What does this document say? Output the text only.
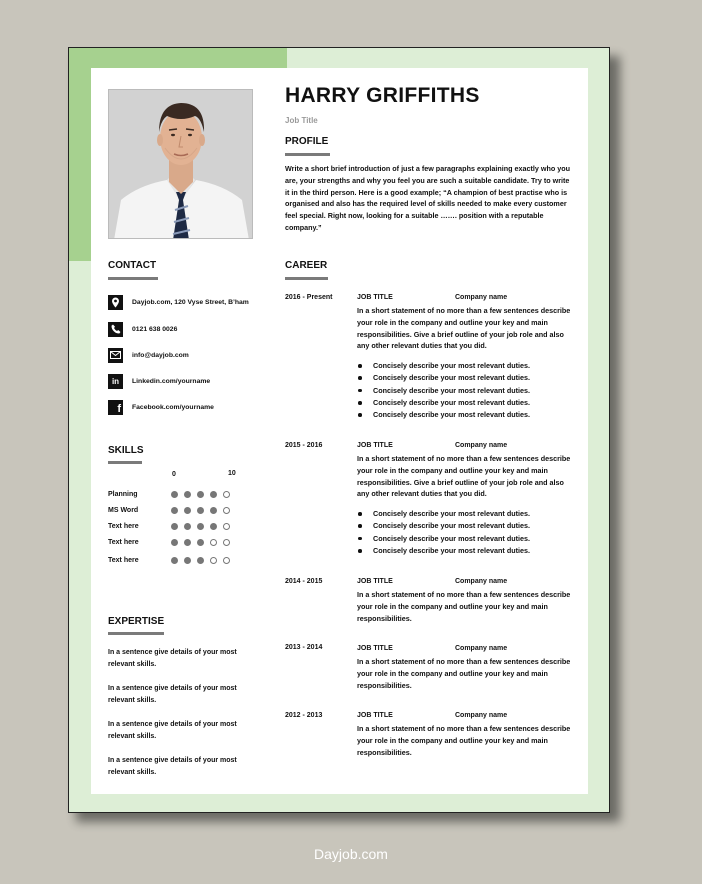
HARRY GRIFFITHS
Job Title
PROFILE
Write a short brief introduction of just a few paragraphs explaining exactly who you are, your strengths and why you feel you are such a suitable candidate. Try to write it in the third person. Here is a good example; “A champion of best practise who is organised and also has the required level of skills needed to make every customer feel special. Right now, looking for a suitable ……. position with a reputable company.”
CONTACT
Dayjob.com, 120 Vyse Street, B’ham
0121 638 0026
info@dayjob.com
in	Linkedin.com/yourname
f Facebook.com/yourname
SKILLS
0	10
Planning
MS Word
Text here
Text here
Text here
EXPERTISE
In a sentence give details of your most relevant skills.
In a sentence give details of your most relevant skills.
In a sentence give details of your most relevant skills.
In a sentence give details of your most relevant skills.
CAREER
2016 - Present	JOB TITLE	Company name
In a short statement of no more than a few sentences describe your role in the company and outline your key and main responsibilities. Give a brief outline of your job role and also any other relevant duties that you did.
Concisely describe your most relevant duties.
Concisely describe your most relevant duties.
Concisely describe your most relevant duties.
Concisely describe your most relevant duties.
Concisely describe your most relevant duties.
2015 - 2016	JOB TITLE	Company name
In a short statement of no more than a few sentences describe your role in the company and outline your key and main responsibilities. Give a brief outline of your job role and also any other relevant duties that you did.
Concisely describe your most relevant duties.
Concisely describe your most relevant duties.
Concisely describe your most relevant duties.
Concisely describe your most relevant duties.
2014 - 2015	JOB TITLE	Company name
In a short statement of no more than a few sentences describe your role in the company and outline your key and main responsibilities.
2013 - 2014	JOB TITLE	Company name
In a short statement of no more than a few sentences describe your role in the company and outline your key and main responsibilities.
2012 - 2013	JOB TITLE	Company name
In a short statement of no more than a few sentences describe your role in the company and outline your key and main responsibilities.
Dayjob.com
